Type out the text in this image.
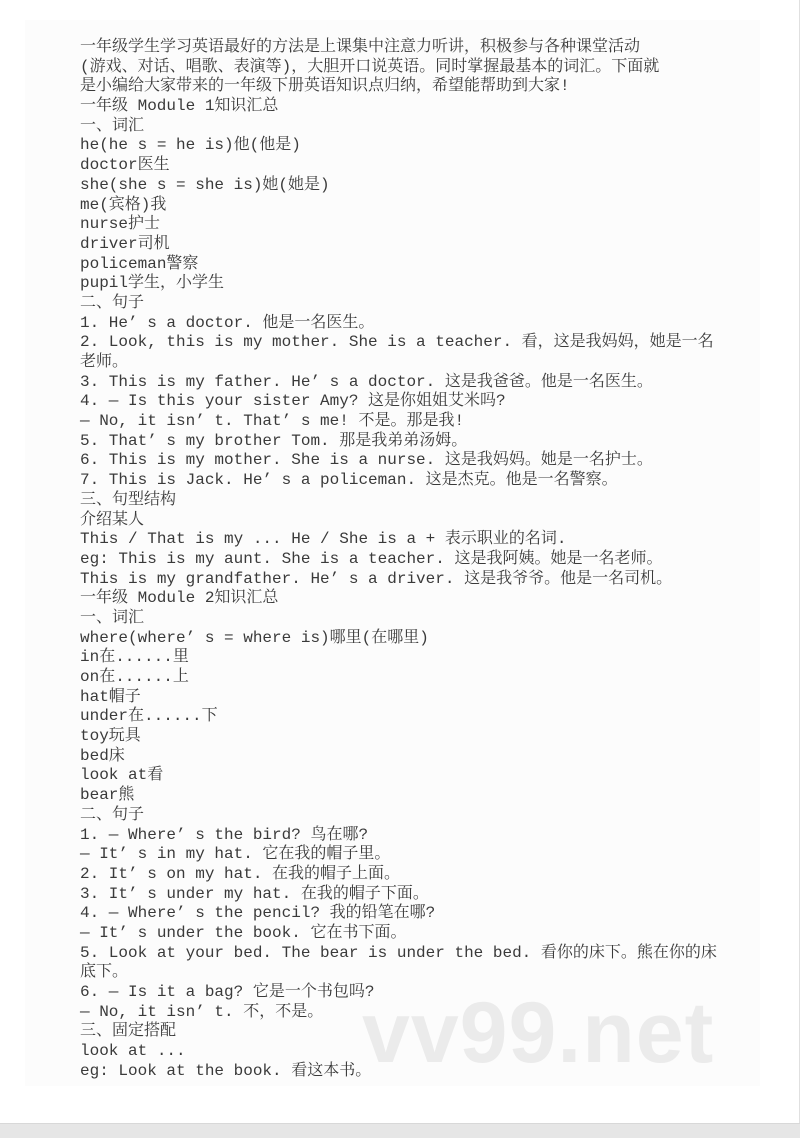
vv99.net
一年级学生学习英语最好的方法是上课集中注意力听讲，积极参与各种课堂活动
(游戏、对话、唱歌、表演等)，大胆开口说英语。同时掌握最基本的词汇。下面就
是小编给大家带来的一年级下册英语知识点归纳，希望能帮助到大家!
一年级 Module 1知识汇总
一、词汇
he(he s = he is)他(他是)
doctor医生
she(she s = she is)她(她是)
me(宾格)我
nurse护士
driver司机
policeman警察
pupil学生，小学生
二、句子
1. He’ s a doctor. 他是一名医生。
2. Look, this is my mother. She is a teacher. 看，这是我妈妈，她是一名
老师。
3. This is my father. He’ s a doctor. 这是我爸爸。他是一名医生。
4. — Is this your sister Amy? 这是你姐姐艾米吗?
— No, it isn’ t. That’ s me! 不是。那是我!
5. That’ s my brother Tom. 那是我弟弟汤姆。
6. This is my mother. She is a nurse. 这是我妈妈。她是一名护士。
7. This is Jack. He’ s a policeman. 这是杰克。他是一名警察。
三、句型结构
介绍某人
This / That is my ... He / She is a + 表示职业的名词.
eg: This is my aunt. She is a teacher. 这是我阿姨。她是一名老师。
This is my grandfather. He’ s a driver. 这是我爷爷。他是一名司机。
一年级 Module 2知识汇总
一、词汇
where(where’ s = where is)哪里(在哪里)
in在......里
on在......上
hat帽子
under在......下
toy玩具
bed床
look at看
bear熊
二、句子
1. — Where’ s the bird? 鸟在哪?
— It’ s in my hat. 它在我的帽子里。
2. It’ s on my hat. 在我的帽子上面。
3. It’ s under my hat. 在我的帽子下面。
4. — Where’ s the pencil? 我的铅笔在哪?
— It’ s under the book. 它在书下面。
5. Look at your bed. The bear is under the bed. 看你的床下。熊在你的床
底下。
6. — Is it a bag? 它是一个书包吗?
— No, it isn’ t. 不，不是。
三、固定搭配
look at ...
eg: Look at the book. 看这本书。
